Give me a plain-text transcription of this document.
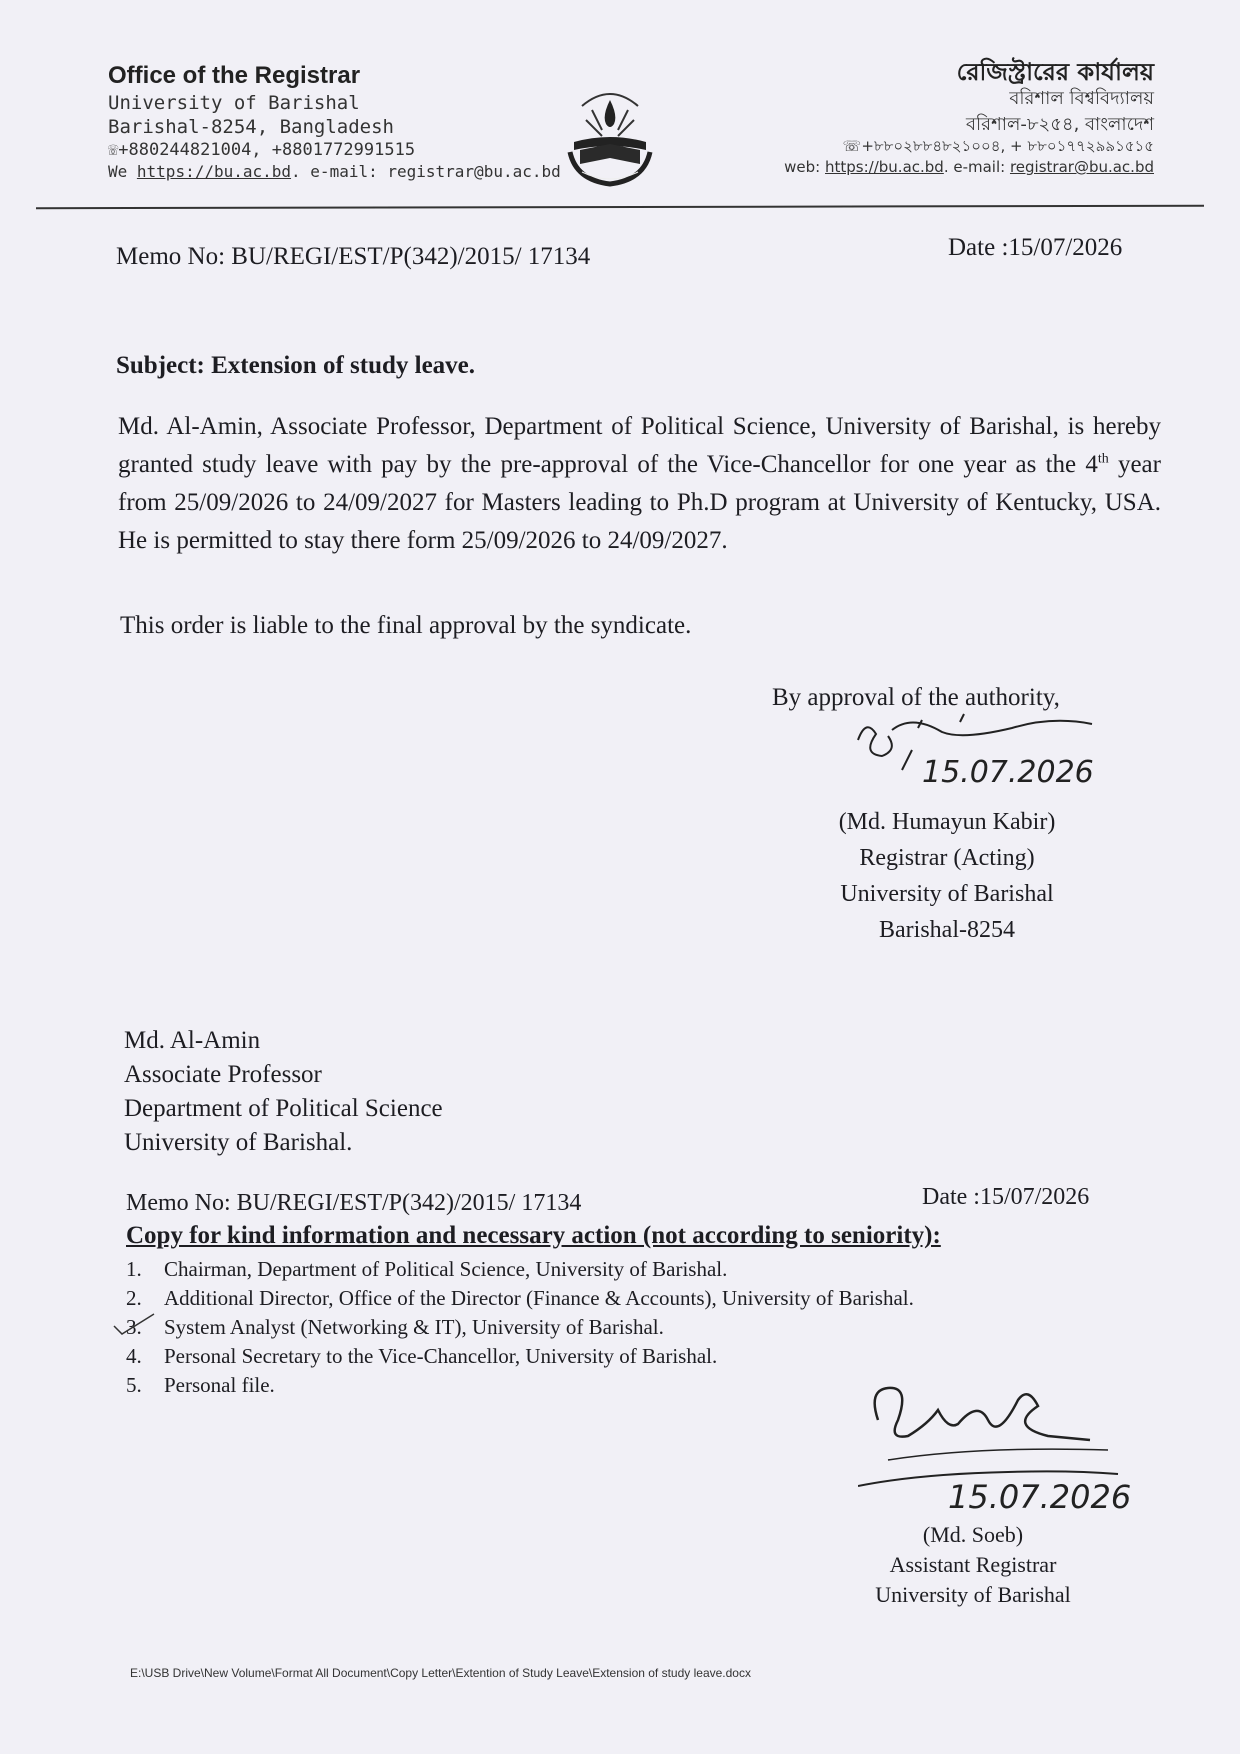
Office of the Registrar
University of Barishal
Barishal-8254, Bangladesh
☏+880244821004, +8801772991515
We https://bu.ac.bd. e-mail: registrar@bu.ac.bd
রেজিস্ট্রারের কার্যালয়
বরিশাল বিশ্ববিদ্যালয়
বরিশাল-৮২৫৪, বাংলাদেশ
☏+৮৮০২৮৮৪৮২১০০৪, + ৮৮০১৭৭২৯৯১৫১৫
web: https://bu.ac.bd. e-mail: registrar@bu.ac.bd
Memo No: BU/REGI/EST/P(342)/2015/ 17134	Date :15/07/2026
Subject: Extension of study leave.
Md. Al-Amin, Associate Professor, Department of Political Science, University of Barishal, is hereby granted study leave with pay by the pre-approval of the Vice-Chancellor for one year as the 4th year from 25/09/2026 to 24/09/2027 for Masters leading to Ph.D program at University of Kentucky, USA. He is permitted to stay there form 25/09/2026 to 24/09/2027.
This order is liable to the final approval by the syndicate.
By approval of the authority,
15.07.2026
(Md. Humayun Kabir)
Registrar (Acting)
University of Barishal
Barishal-8254
Md. Al-Amin
Associate Professor
Department of Political Science
University of Barishal.
Memo No: BU/REGI/EST/P(342)/2015/ 17134	Date :15/07/2026
Copy for kind information and necessary action (not according to seniority):
1. Chairman, Department of Political Science, University of Barishal.
2. Additional Director, Office of the Director (Finance & Accounts), University of Barishal.
3. System Analyst (Networking & IT), University of Barishal.
4. Personal Secretary to the Vice-Chancellor, University of Barishal.
5. Personal file.
15.07.2026
(Md. Soeb)
Assistant Registrar
University of Barishal
E:\USB Drive\New Volume\Format All Document\Copy Letter\Extention of Study Leave\Extension of study leave.docx
